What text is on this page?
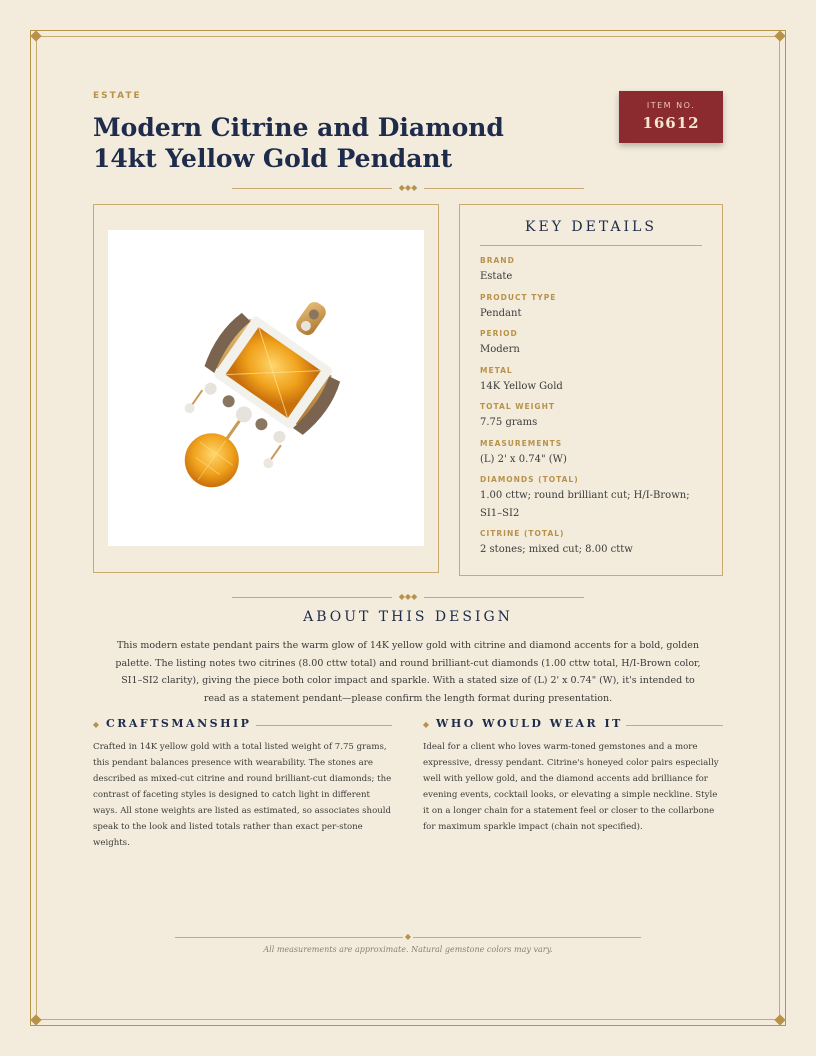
ESTATE
Modern Citrine and Diamond 14kt Yellow Gold Pendant
ITEM NO.
16612
◆◆◆
KEY DETAILS
BRAND
Estate
PRODUCT TYPE
Pendant
PERIOD
Modern
METAL
14K Yellow Gold
TOTAL WEIGHT
7.75 grams
MEASUREMENTS
(L) 2' x 0.74" (W)
DIAMONDS (TOTAL)
1.00 cttw; round brilliant cut; H/I-Brown; SI1–SI2
CITRINE (TOTAL)
2 stones; mixed cut; 8.00 cttw
◆◆◆
ABOUT THIS DESIGN
This modern estate pendant pairs the warm glow of 14K yellow gold with citrine and diamond accents for a bold, golden palette. The listing notes two citrines (8.00 cttw total) and round brilliant-cut diamonds (1.00 cttw total, H/I-Brown color, SI1–SI2 clarity), giving the piece both color impact and sparkle. With a stated size of (L) 2' x 0.74" (W), it's intended to read as a statement pendant—please confirm the length format during presentation.
◆ CRAFTSMANSHIP
Crafted in 14K yellow gold with a total listed weight of 7.75 grams, this pendant balances presence with wearability. The stones are described as mixed-cut citrine and round brilliant-cut diamonds; the contrast of faceting styles is designed to catch light in different ways. All stone weights are listed as estimated, so associates should speak to the look and listed totals rather than exact per-stone weights.
◆ WHO WOULD WEAR IT
Ideal for a client who loves warm-toned gemstones and a more expressive, dressy pendant. Citrine's honeyed color pairs especially well with yellow gold, and the diamond accents add brilliance for evening events, cocktail looks, or elevating a simple neckline. Style it on a longer chain for a statement feel or closer to the collarbone for maximum sparkle impact (chain not specified).
◆
All measurements are approximate. Natural gemstone colors may vary.
